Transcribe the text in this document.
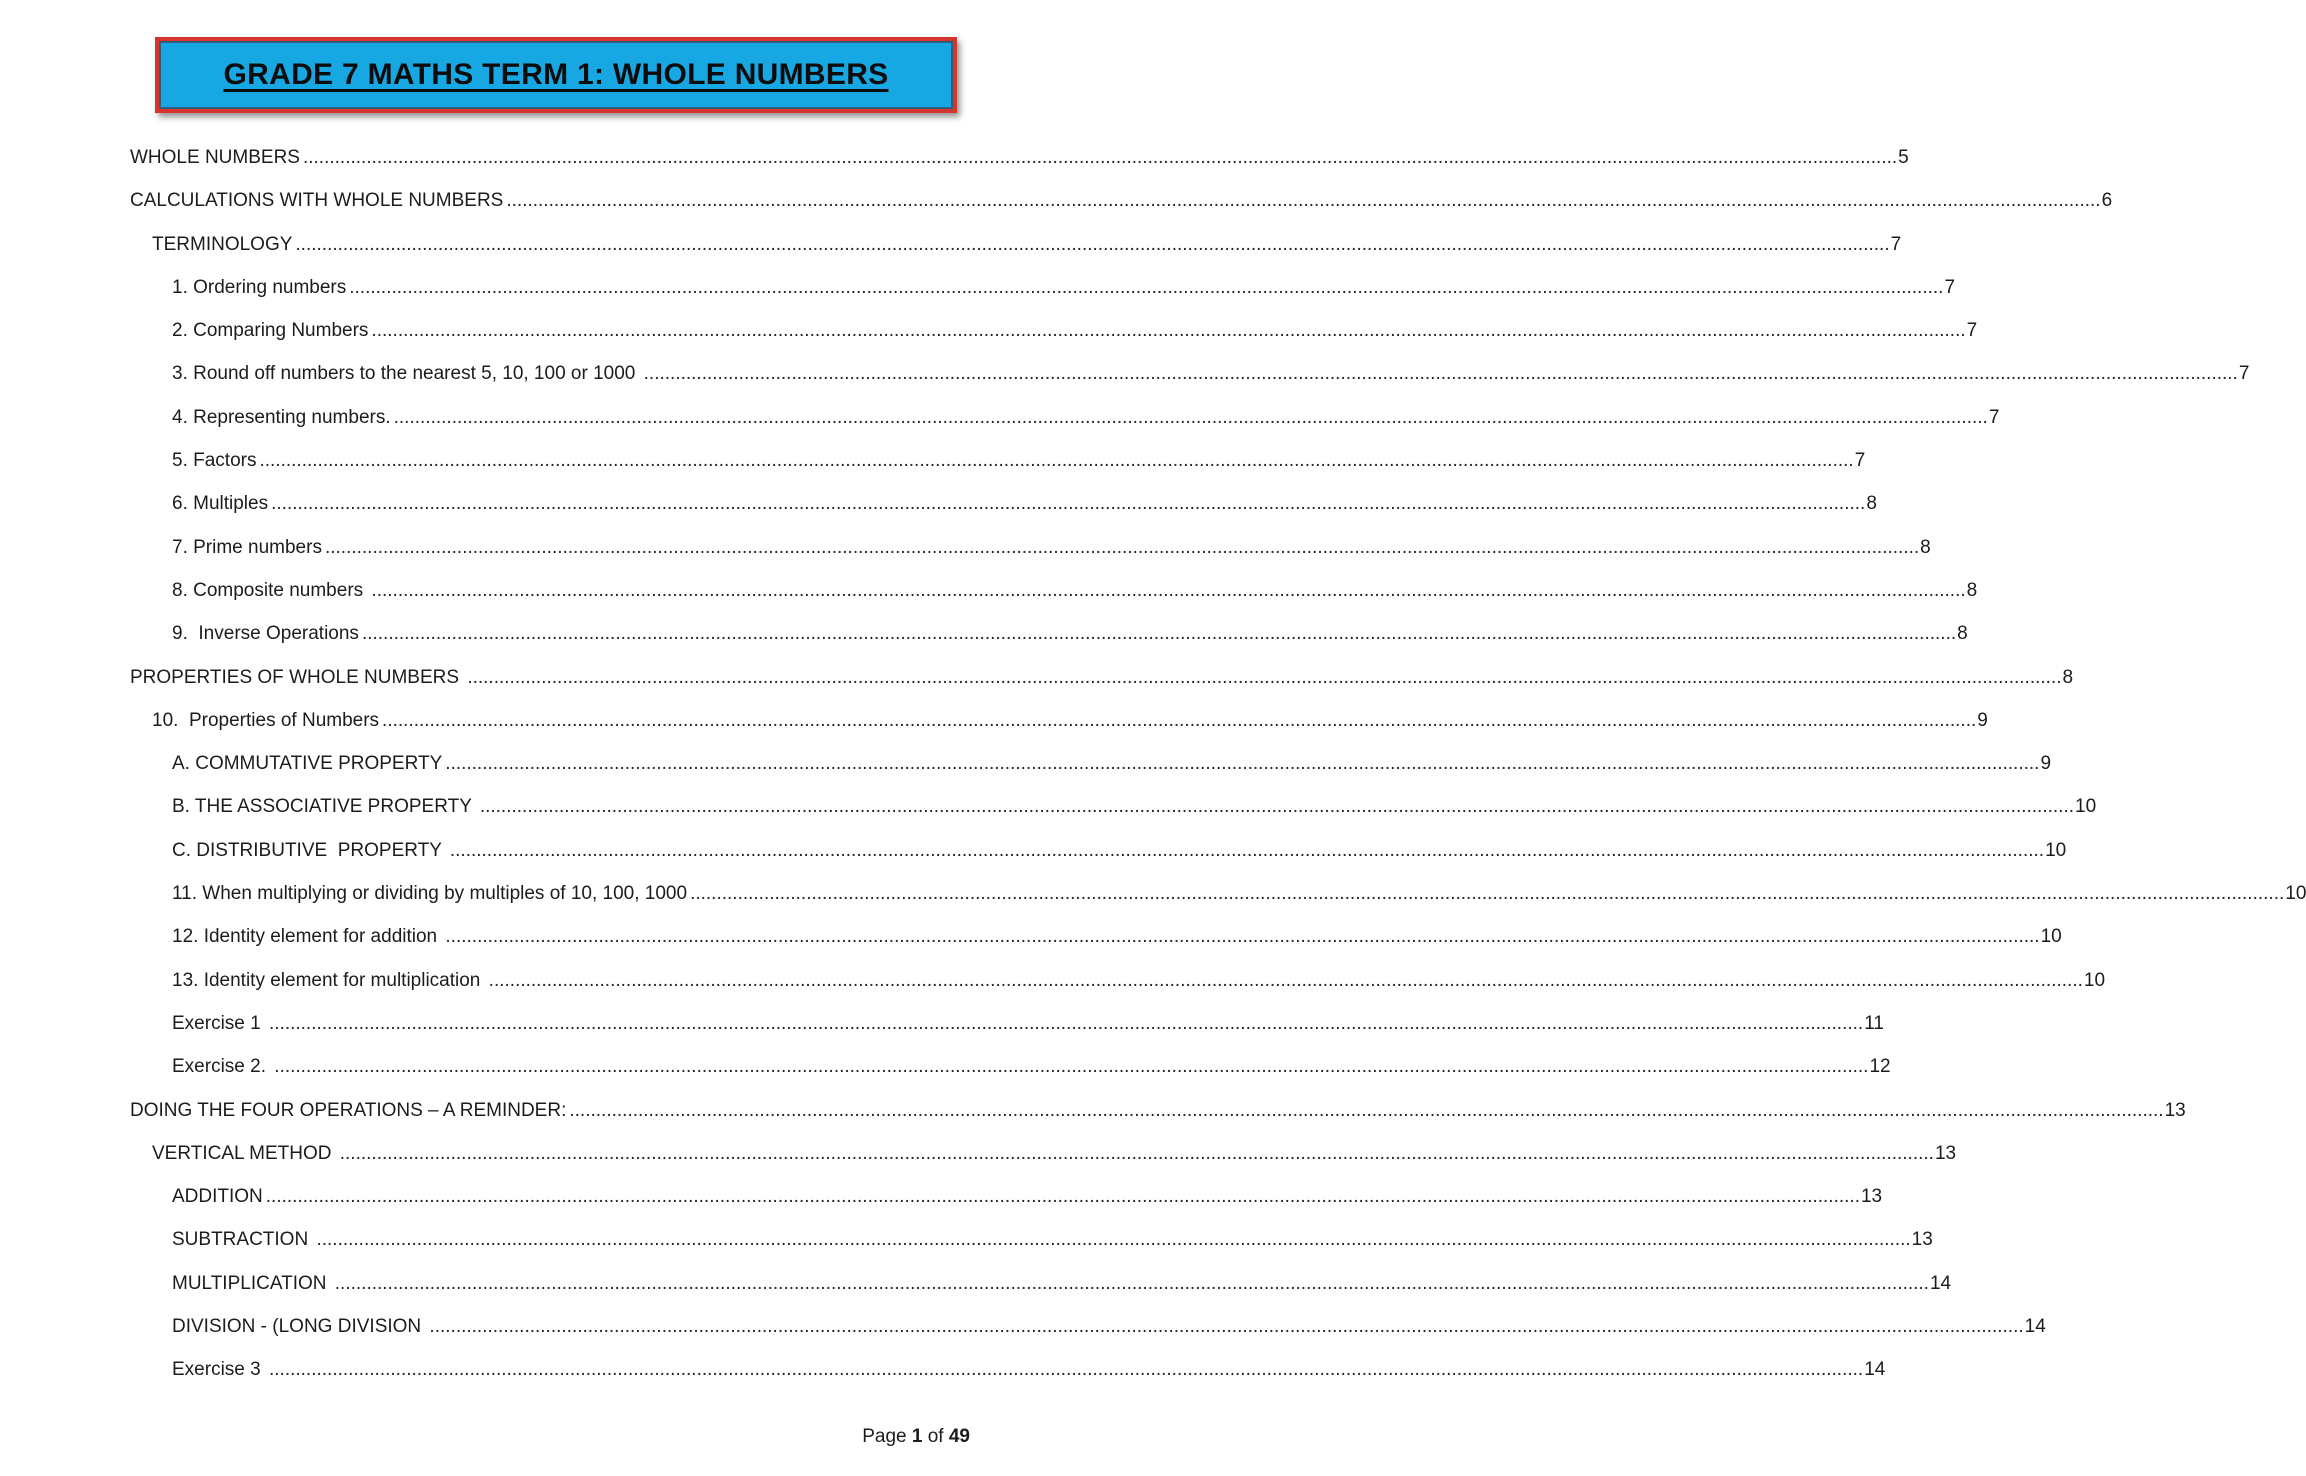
GRADE 7 MATHS TERM 1: WHOLE NUMBERS
WHOLE NUMBERS .....	5
CALCULATIONS WITH WHOLE NUMBERS .....	6
TERMINOLOGY .....	7
1. Ordering numbers .....	7
2. Comparing Numbers .....	7
3. Round off numbers to the nearest 5, 10, 100 or 1000 .....	7
4. Representing numbers. .....	7
5. Factors .....	7
6. Multiples .....	8
7. Prime numbers .....	8
8. Composite numbers .....	8
9.  Inverse Operations .....	8
PROPERTIES OF WHOLE NUMBERS .....	8
10.  Properties of Numbers .....	9
A. COMMUTATIVE PROPERTY .....	9
B. THE ASSOCIATIVE PROPERTY .....	10
C. DISTRIBUTIVE  PROPERTY .....	10
11. When multiplying or dividing by multiples of 10, 100, 1000 .....	10
12. Identity element for addition .....	10
13. Identity element for multiplication .....	10
Exercise 1 .....	11
Exercise 2. .....	12
DOING THE FOUR OPERATIONS – A REMINDER: .....	13
VERTICAL METHOD .....	13
ADDITION .....	13
SUBTRACTION .....	13
MULTIPLICATION .....	14
DIVISION - (LONG DIVISION .....	14
Exercise 3 .....	14

Page 1 of 49
